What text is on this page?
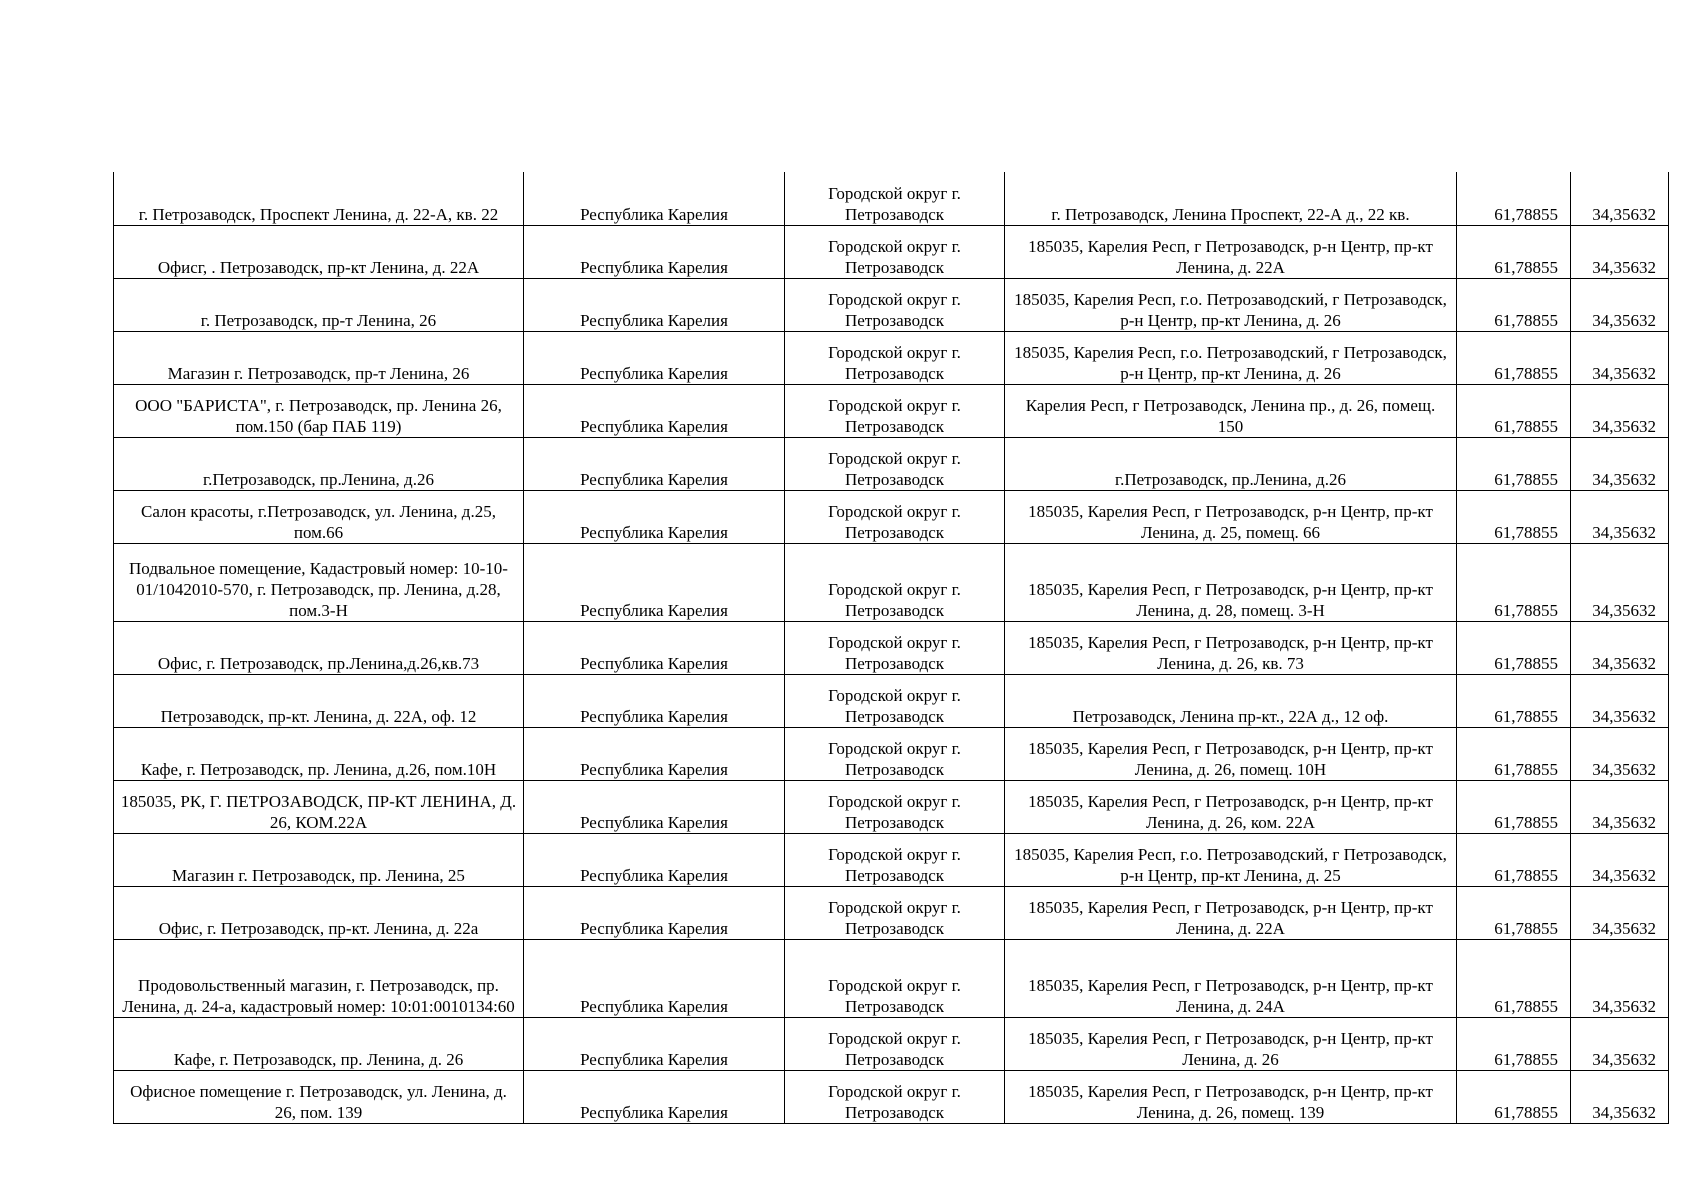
г. Петрозаводск, Проспект Ленина, д. 22-А, кв. 22	Республика Карелия	Городской округ г. Петрозаводск	г. Петрозаводск, Ленина Проспект, 22-А д., 22 кв.	61,78855	34,35632
Офисг, . Петрозаводск, пр-кт Ленина, д. 22А	Республика Карелия	Городской округ г. Петрозаводск	185035, Карелия Респ, г Петрозаводск, р-н Центр, пр-кт Ленина, д. 22А	61,78855	34,35632
г. Петрозаводск, пр-т Ленина, 26	Республика Карелия	Городской округ г. Петрозаводск	185035, Карелия Респ, г.о. Петрозаводский, г Петрозаводск, р-н Центр, пр-кт Ленина, д. 26	61,78855	34,35632
Магазин г. Петрозаводск, пр-т Ленина, 26	Республика Карелия	Городской округ г. Петрозаводск	185035, Карелия Респ, г.о. Петрозаводский, г Петрозаводск, р-н Центр, пр-кт Ленина, д. 26	61,78855	34,35632
ООО "БАРИСТА", г. Петрозаводск, пр. Ленина 26, пом.150 (бар ПАБ 119)	Республика Карелия	Городской округ г. Петрозаводск	Карелия Респ, г Петрозаводск, Ленина пр., д. 26, помещ. 150	61,78855	34,35632
г.Петрозаводск, пр.Ленина, д.26	Республика Карелия	Городской округ г. Петрозаводск	г.Петрозаводск, пр.Ленина, д.26	61,78855	34,35632
Салон красоты, г.Петрозаводск, ул. Ленина, д.25, пом.66	Республика Карелия	Городской округ г. Петрозаводск	185035, Карелия Респ, г Петрозаводск, р-н Центр, пр-кт Ленина, д. 25, помещ. 66	61,78855	34,35632
Подвальное помещение, Кадастровый номер: 10-10-01/1042010-570, г. Петрозаводск, пр. Ленина, д.28, пом.3-Н	Республика Карелия	Городской округ г. Петрозаводск	185035, Карелия Респ, г Петрозаводск, р-н Центр, пр-кт Ленина, д. 28, помещ. 3-Н	61,78855	34,35632
Офис, г. Петрозаводск, пр.Ленина,д.26,кв.73	Республика Карелия	Городской округ г. Петрозаводск	185035, Карелия Респ, г Петрозаводск, р-н Центр, пр-кт Ленина, д. 26, кв. 73	61,78855	34,35632
Петрозаводск, пр-кт. Ленина, д. 22А, оф. 12	Республика Карелия	Городской округ г. Петрозаводск	Петрозаводск, Ленина пр-кт., 22А д., 12 оф.	61,78855	34,35632
Кафе, г. Петрозаводск, пр. Ленина, д.26, пом.10Н	Республика Карелия	Городской округ г. Петрозаводск	185035, Карелия Респ, г Петрозаводск, р-н Центр, пр-кт Ленина, д. 26, помещ. 10Н	61,78855	34,35632
185035, РК, Г. ПЕТРОЗАВОДСК, ПР-КТ ЛЕНИНА, Д. 26, КОМ.22А	Республика Карелия	Городской округ г. Петрозаводск	185035, Карелия Респ, г Петрозаводск, р-н Центр, пр-кт Ленина, д. 26, ком. 22А	61,78855	34,35632
Магазин г. Петрозаводск, пр. Ленина, 25	Республика Карелия	Городской округ г. Петрозаводск	185035, Карелия Респ, г.о. Петрозаводский, г Петрозаводск, р-н Центр, пр-кт Ленина, д. 25	61,78855	34,35632
Офис, г. Петрозаводск, пр-кт. Ленина, д. 22а	Республика Карелия	Городской округ г. Петрозаводск	185035, Карелия Респ, г Петрозаводск, р-н Центр, пр-кт Ленина, д. 22А	61,78855	34,35632
Продовольственный магазин, г. Петрозаводск, пр. Ленина, д. 24-а, кадастровый номер: 10:01:0010134:60	Республика Карелия	Городской округ г. Петрозаводск	185035, Карелия Респ, г Петрозаводск, р-н Центр, пр-кт Ленина, д. 24А	61,78855	34,35632
Кафе, г. Петрозаводск, пр. Ленина, д. 26	Республика Карелия	Городской округ г. Петрозаводск	185035, Карелия Респ, г Петрозаводск, р-н Центр, пр-кт Ленина, д. 26	61,78855	34,35632
Офисное помещение г. Петрозаводск, ул. Ленина, д. 26, пом. 139	Республика Карелия	Городской округ г. Петрозаводск	185035, Карелия Респ, г Петрозаводск, р-н Центр, пр-кт Ленина, д. 26, помещ. 139	61,78855	34,35632
